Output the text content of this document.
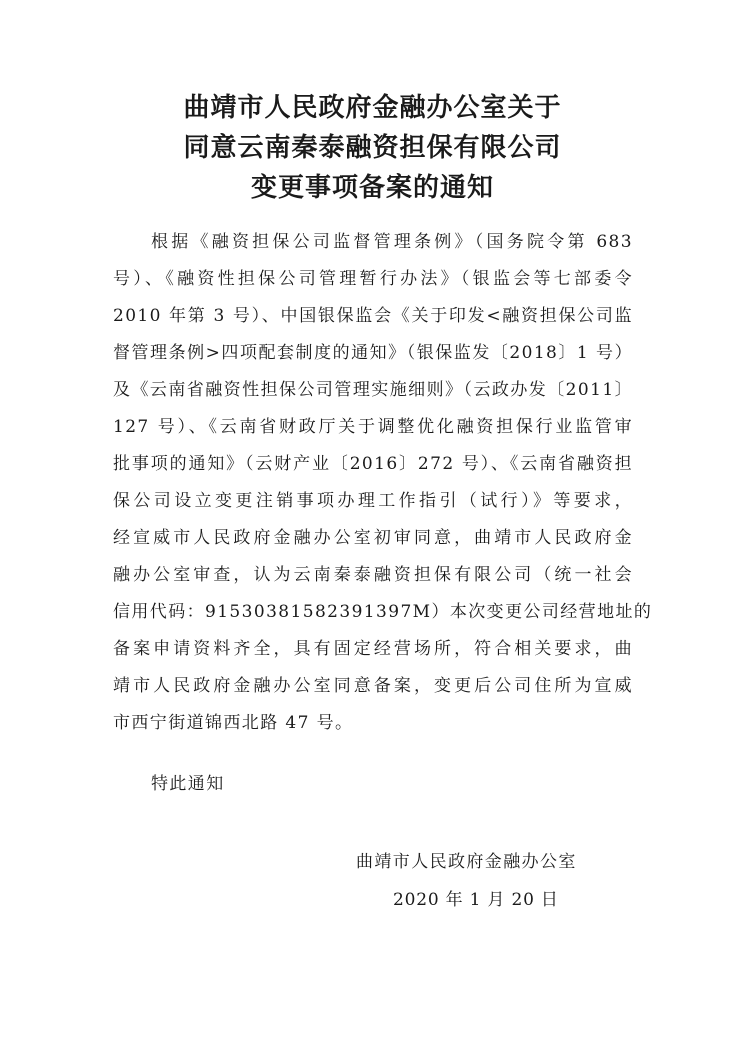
曲靖市人民政府金融办公室关于
同意云南秦泰融资担保有限公司
变更事项备案的通知
根据《融资担保公司监督管理条例》（国务院令第 683
号）、《融资性担保公司管理暂行办法》（银监会等七部委令
2010 年第 3 号）、中国银保监会《关于印发<融资担保公司监
督管理条例>四项配套制度的通知》（银保监发〔2018〕1 号）
及《云南省融资性担保公司管理实施细则》（云政办发〔2011〕
127 号）、《云南省财政厅关于调整优化融资担保行业监管审
批事项的通知》（云财产业〔2016〕272 号）、《云南省融资担
保公司设立变更注销事项办理工作指引（试行）》等要求，
经宣威市人民政府金融办公室初审同意，曲靖市人民政府金
融办公室审查，认为云南秦泰融资担保有限公司（统一社会
信用代码：91530381582391397M）本次变更公司经营地址的
备案申请资料齐全，具有固定经营场所，符合相关要求，曲
靖市人民政府金融办公室同意备案，变更后公司住所为宣威
市西宁街道锦西北路 47 号。
特此通知
曲靖市人民政府金融办公室
2020 年 1 月 20 日
